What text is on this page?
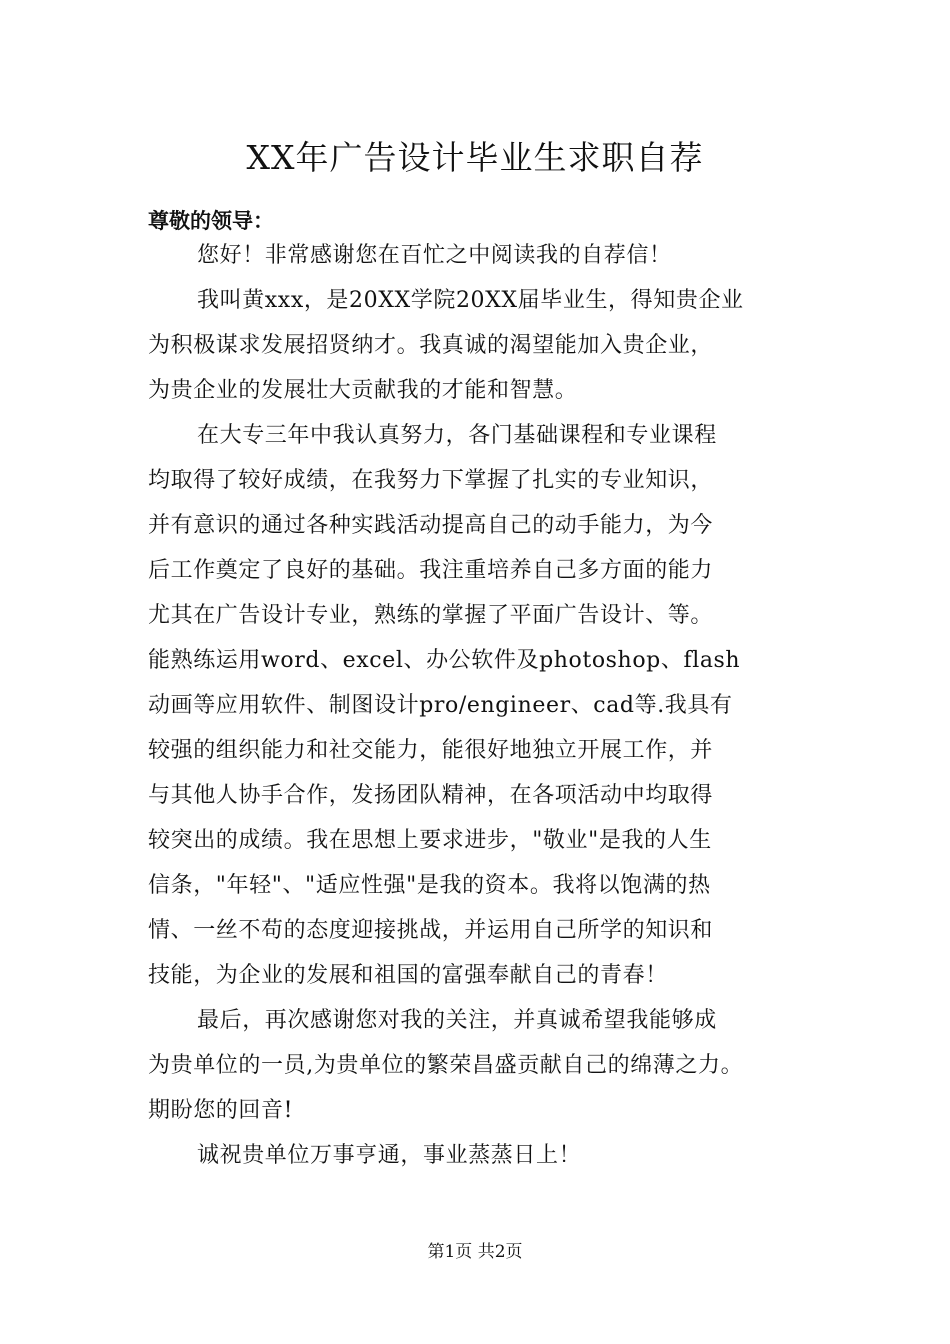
XX年广告设计毕业生求职自荐
尊敬的领导：
您好！非常感谢您在百忙之中阅读我的自荐信！
我叫黄xxx，是20XX学院20XX届毕业生，得知贵企业
为积极谋求发展招贤纳才。我真诚的渴望能加入贵企业，
为贵企业的发展壮大贡献我的才能和智慧。
在大专三年中我认真努力，各门基础课程和专业课程
均取得了较好成绩，在我努力下掌握了扎实的专业知识，
并有意识的通过各种实践活动提高自己的动手能力，为今
后工作奠定了良好的基础。我注重培养自己多方面的能力
尤其在广告设计专业，熟练的掌握了平面广告设计、等。
能熟练运用word、excel、办公软件及photoshop、flash
动画等应用软件、制图设计pro/engineer、cad等.我具有
较强的组织能力和社交能力，能很好地独立开展工作，并
与其他人协手合作，发扬团队精神，在各项活动中均取得
较突出的成绩。我在思想上要求进步，"敬业"是我的人生
信条，"年轻"、"适应性强"是我的资本。我将以饱满的热
情、一丝不苟的态度迎接挑战，并运用自己所学的知识和
技能，为企业的发展和祖国的富强奉献自己的青春！
最后，再次感谢您对我的关注，并真诚希望我能够成
为贵单位的一员,为贵单位的繁荣昌盛贡献自己的绵薄之力。
期盼您的回音!
诚祝贵单位万事亨通，事业蒸蒸日上！
第1页 共2页
